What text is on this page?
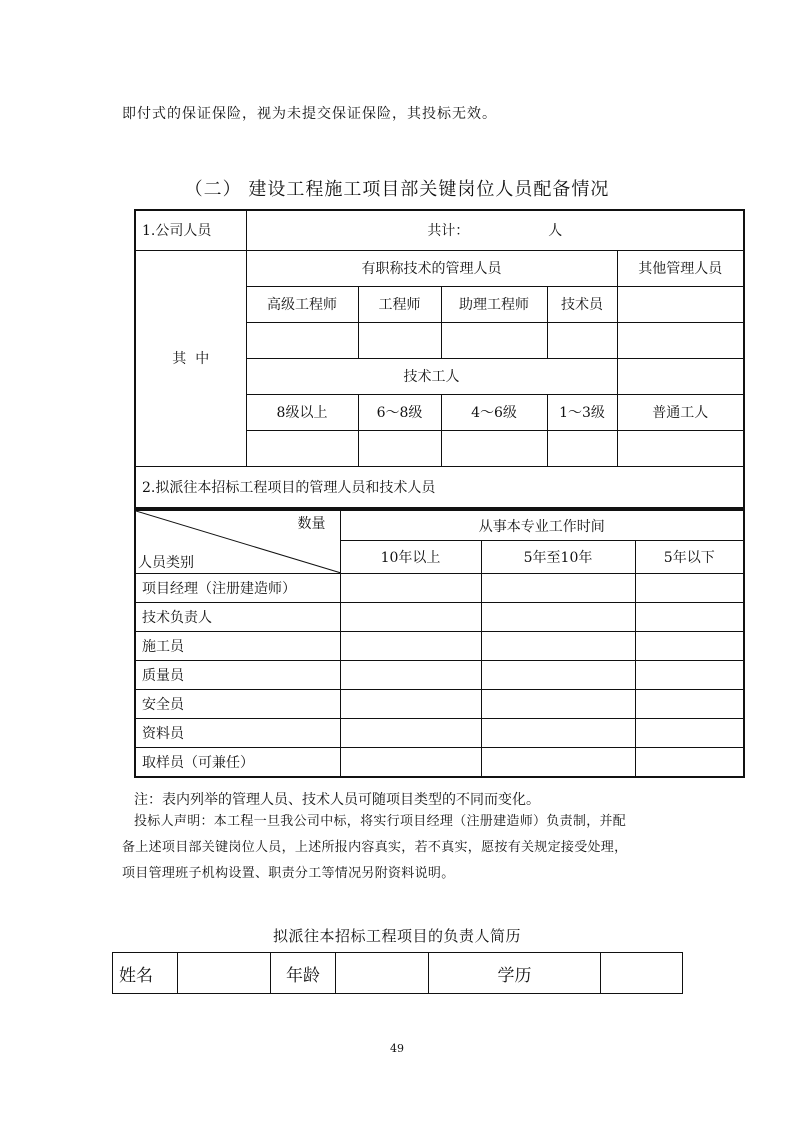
即付式的保证保险，视为未提交保证保险，其投标无效。
（二） 建设工程施工项目部关键岗位人员配备情况
1.公司人员	共计： 人				
其  中	有职称技术的管理人员				其他管理人员
	高级工程师	工程师	助理工程师	技术员	

	技术工人				
	8级以上	6～8级	4～6级	1～3级	普通工人

2.拟派往本招标工程项目的管理人员和技术人员					
数量
人员类别	从事本专业工作时间		
	10年以上	5年至10年	5年以下
项目经理（注册建造师）			
技术负责人			
施工员			
质量员			
安全员			
资料员			
取样员（可兼任）			
注：表内列举的管理人员、技术人员可随项目类型的不同而变化。
投标人声明：本工程一旦我公司中标，将实行项目经理（注册建造师）负责制，并配
备上述项目部关键岗位人员，上述所报内容真实，若不真实，愿按有关规定接受处理，
项目管理班子机构设置、职责分工等情况另附资料说明。
拟派往本招标工程项目的负责人简历
姓名		年龄		学历	
49
